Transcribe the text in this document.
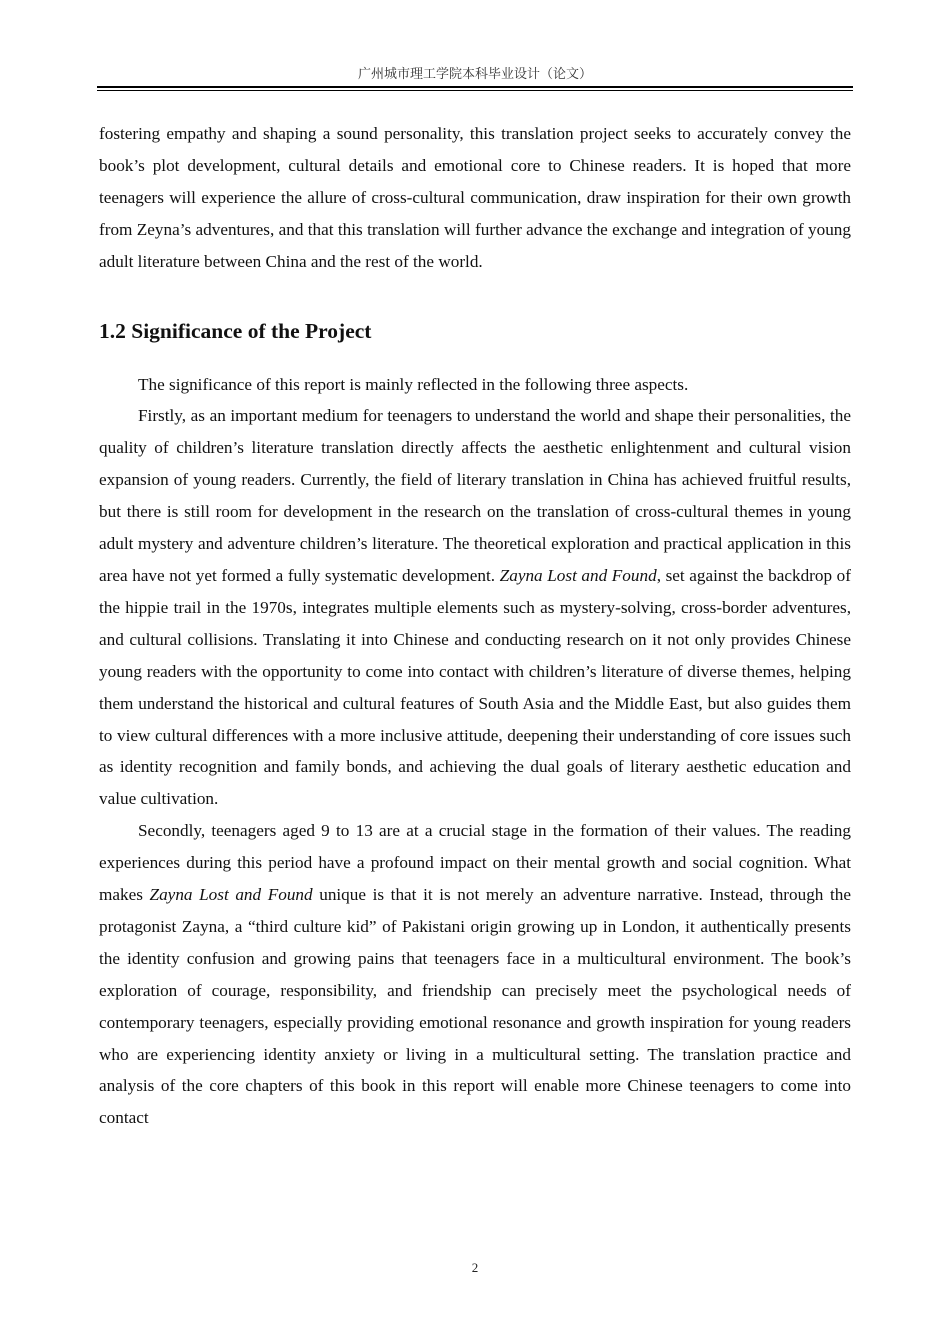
广州城市理工学院本科毕业设计（论文）

fostering empathy and shaping a sound personality, this translation project seeks to accurately convey the book’s plot development, cultural details and emotional core to Chinese readers. It is hoped that more teenagers will experience the allure of cross-cultural communication, draw inspiration for their own growth from Zeyna’s adventures, and that this translation will further advance the exchange and integration of young adult literature between China and the rest of the world.

1.2 Significance of the Project

The significance of this report is mainly reflected in the following three aspects.

Firstly, as an important medium for teenagers to understand the world and shape their personalities, the quality of children’s literature translation directly affects the aesthetic enlightenment and cultural vision expansion of young readers. Currently, the field of literary translation in China has achieved fruitful results, but there is still room for development in the research on the translation of cross-cultural themes in young adult mystery and adventure children’s literature. The theoretical exploration and practical application in this area have not yet formed a fully systematic development. Zayna Lost and Found, set against the backdrop of the hippie trail in the 1970s, integrates multiple elements such as mystery-solving, cross-border adventures, and cultural collisions. Translating it into Chinese and conducting research on it not only provides Chinese young readers with the opportunity to come into contact with children’s literature of diverse themes, helping them understand the historical and cultural features of South Asia and the Middle East, but also guides them to view cultural differences with a more inclusive attitude, deepening their understanding of core issues such as identity recognition and family bonds, and achieving the dual goals of literary aesthetic education and value cultivation.

Secondly, teenagers aged 9 to 13 are at a crucial stage in the formation of their values. The reading experiences during this period have a profound impact on their mental growth and social cognition. What makes Zayna Lost and Found unique is that it is not merely an adventure narrative. Instead, through the protagonist Zayna, a “third culture kid” of Pakistani origin growing up in London, it authentically presents the identity confusion and growing pains that teenagers face in a multicultural environment. The book’s exploration of courage, responsibility, and friendship can precisely meet the psychological needs of contemporary teenagers, especially providing emotional resonance and growth inspiration for young readers who are experiencing identity anxiety or living in a multicultural setting. The translation practice and analysis of the core chapters of this book in this report will enable more Chinese teenagers to come into contact

2
